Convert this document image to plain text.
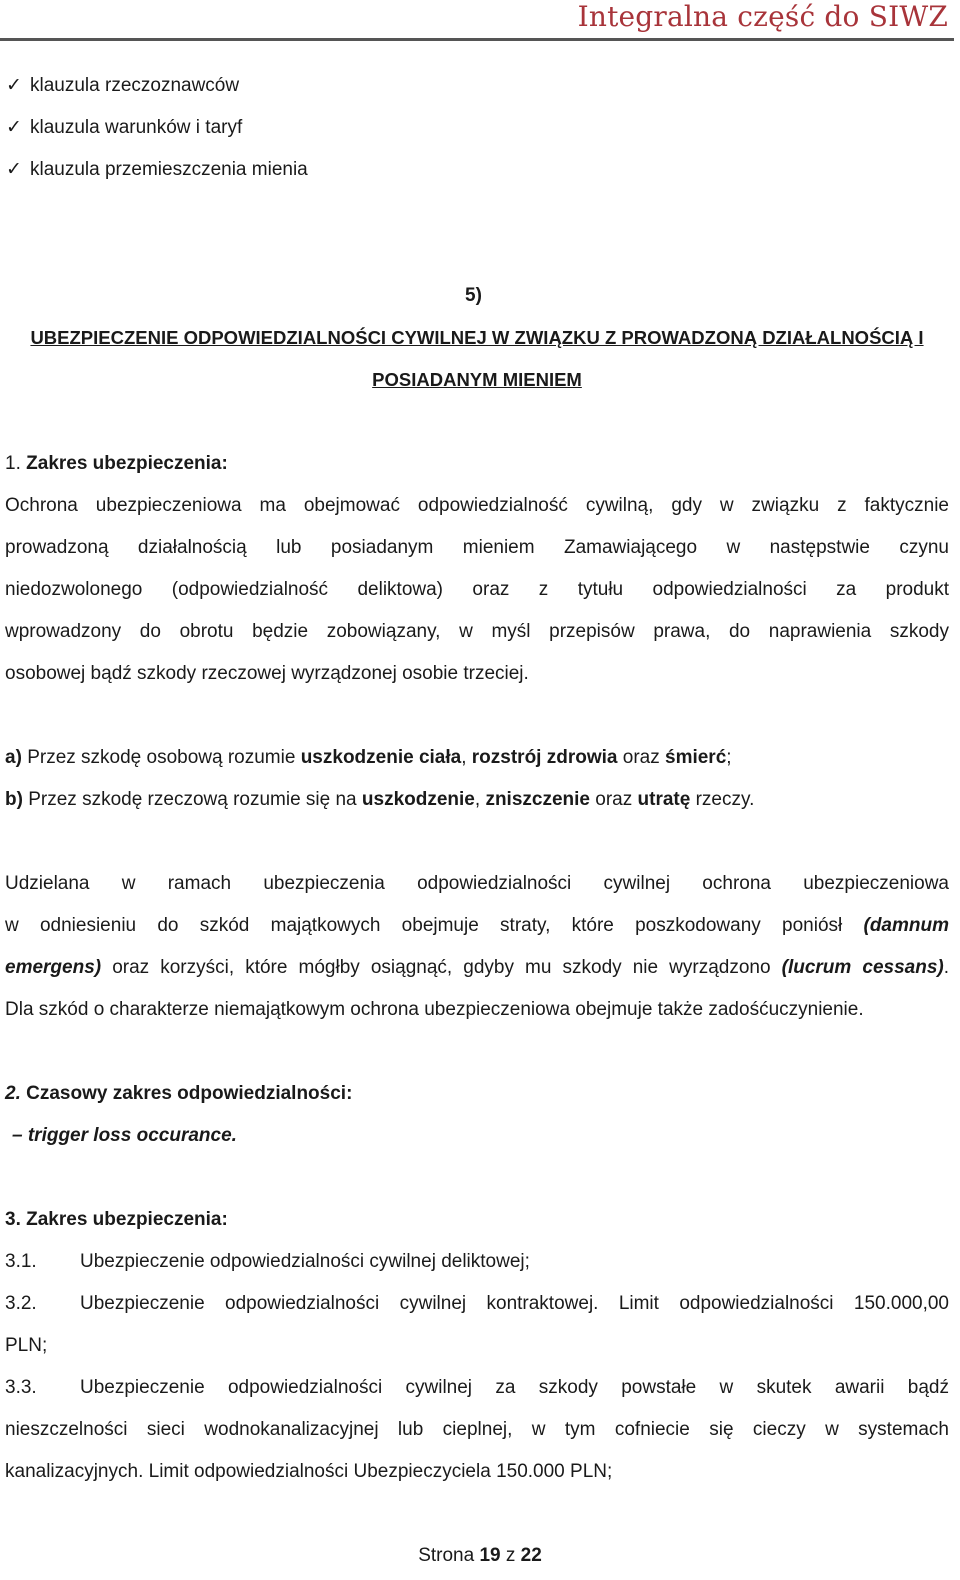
Integralna część do SIWZ
✓ klauzula rzeczoznawców
✓ klauzula warunków i taryf
✓ klauzula przemieszczenia mienia
5)
UBEZPIECZENIE ODPOWIEDZIALNOŚCI CYWILNEJ W ZWIĄZKU Z PROWADZONĄ DZIAŁALNOŚCIĄ I
POSIADANYM MIENIEM
1. Zakres ubezpieczenia:
Ochrona ubezpieczeniowa ma obejmować odpowiedzialność cywilną, gdy w związku z faktycznie
prowadzoną działalnością lub posiadanym mieniem Zamawiającego w następstwie czynu
niedozwolonego (odpowiedzialność deliktowa) oraz z tytułu odpowiedzialności za produkt
wprowadzony do obrotu będzie zobowiązany, w myśl przepisów prawa, do naprawienia szkody
osobowej bądź szkody rzeczowej wyrządzonej osobie trzeciej.
a) Przez szkodę osobową rozumie uszkodzenie ciała, rozstrój zdrowia oraz śmierć;
b) Przez szkodę rzeczową rozumie się na uszkodzenie, zniszczenie oraz utratę rzeczy.
Udzielana w ramach ubezpieczenia odpowiedzialności cywilnej ochrona ubezpieczeniowa
w odniesieniu do szkód majątkowych obejmuje straty, które poszkodowany poniósł (damnum
emergens) oraz korzyści, które mógłby osiągnąć, gdyby mu szkody nie wyrządzono (lucrum cessans).
Dla szkód o charakterze niemajątkowym ochrona ubezpieczeniowa obejmuje także zadośćuczynienie.
2. Czasowy zakres odpowiedzialności:
– trigger loss occurance.
3. Zakres ubezpieczenia:
3.1. Ubezpieczenie odpowiedzialności cywilnej deliktowej;
3.2. Ubezpieczenie odpowiedzialności cywilnej kontraktowej. Limit odpowiedzialności 150.000,00
PLN;
3.3. Ubezpieczenie odpowiedzialności cywilnej za szkody powstałe w skutek awarii bądź
nieszczelności sieci wodnokanalizacyjnej lub cieplnej, w tym cofniecie się cieczy w systemach
kanalizacyjnych. Limit odpowiedzialności Ubezpieczyciela 150.000 PLN;
Strona 19 z 22
